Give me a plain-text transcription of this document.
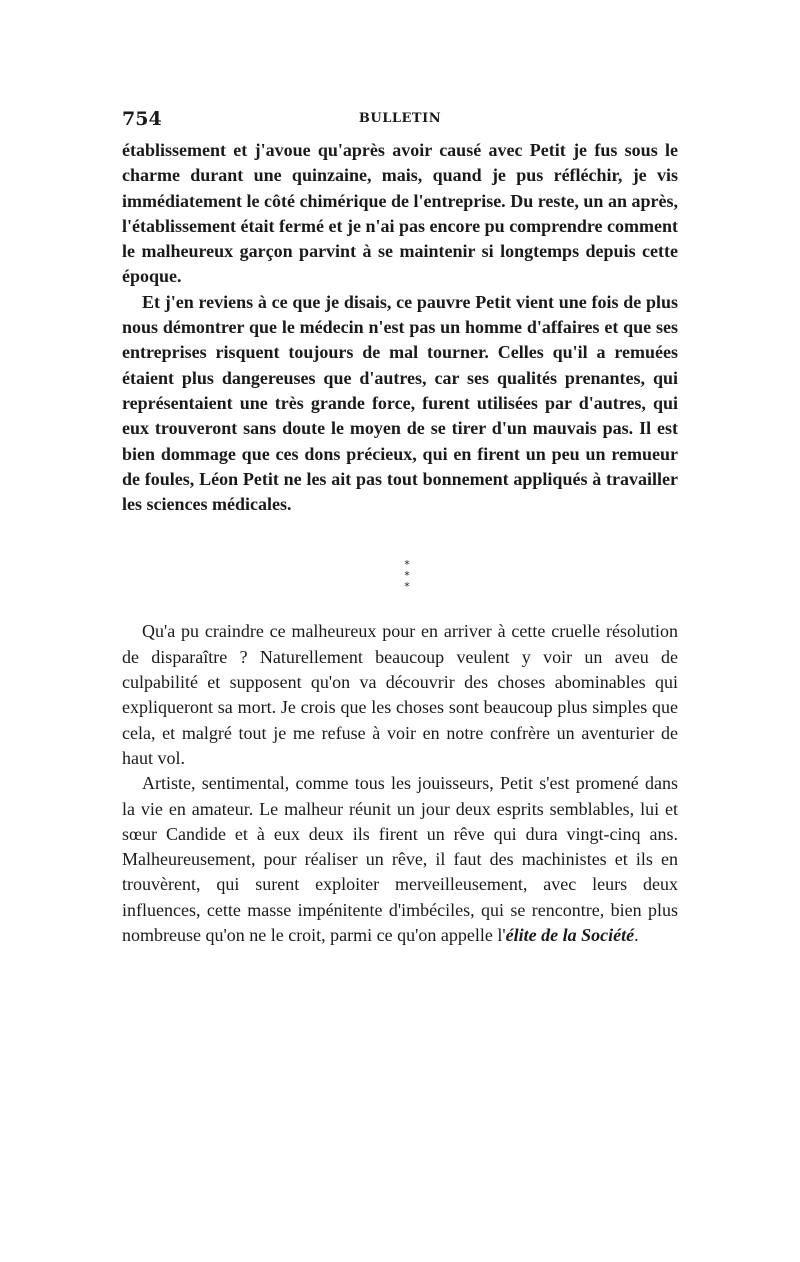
754	BULLETIN

établissement et j'avoue qu'après avoir causé avec Petit je fus sous le charme durant une quinzaine, mais, quand je pus réfléchir, je vis immédiatement le côté chimérique de l'entreprise. Du reste, un an après, l'établissement était fermé et je n'ai pas encore pu comprendre comment le malheureux garçon parvint à se maintenir si longtemps depuis cette époque.

Et j'en reviens à ce que je disais, ce pauvre Petit vient une fois de plus nous démontrer que le médecin n'est pas un homme d'affaires et que ses entreprises risquent toujours de mal tourner. Celles qu'il a remuées étaient plus dangereuses que d'autres, car ses qualités prenantes, qui représentaient une très grande force, furent utilisées par d'autres, qui eux trouveront sans doute le moyen de se tirer d'un mauvais pas. Il est bien dommage que ces dons précieux, qui en firent un peu un remueur de foules, Léon Petit ne les ait pas tout bonnement appliqués à travailler les sciences médicales.

*
* *

Qu'a pu craindre ce malheureux pour en arriver à cette cruelle résolution de disparaître ? Naturellement beaucoup veulent y voir un aveu de culpabilité et supposent qu'on va découvrir des choses abominables qui expliqueront sa mort. Je crois que les choses sont beaucoup plus simples que cela, et malgré tout je me refuse à voir en notre confrère un aventurier de haut vol.

Artiste, sentimental, comme tous les jouisseurs, Petit s'est promené dans la vie en amateur. Le malheur réunit un jour deux esprits semblables, lui et sœur Candide et à eux deux ils firent un rêve qui dura vingt-cinq ans. Malheureusement, pour réaliser un rêve, il faut des machinistes et ils en trouvèrent, qui surent exploiter merveilleusement, avec leurs deux influences, cette masse impénitente d'imbéciles, qui se rencontre, bien plus nombreuse qu'on ne le croit, parmi ce qu'on appelle l'élite de la Société.
